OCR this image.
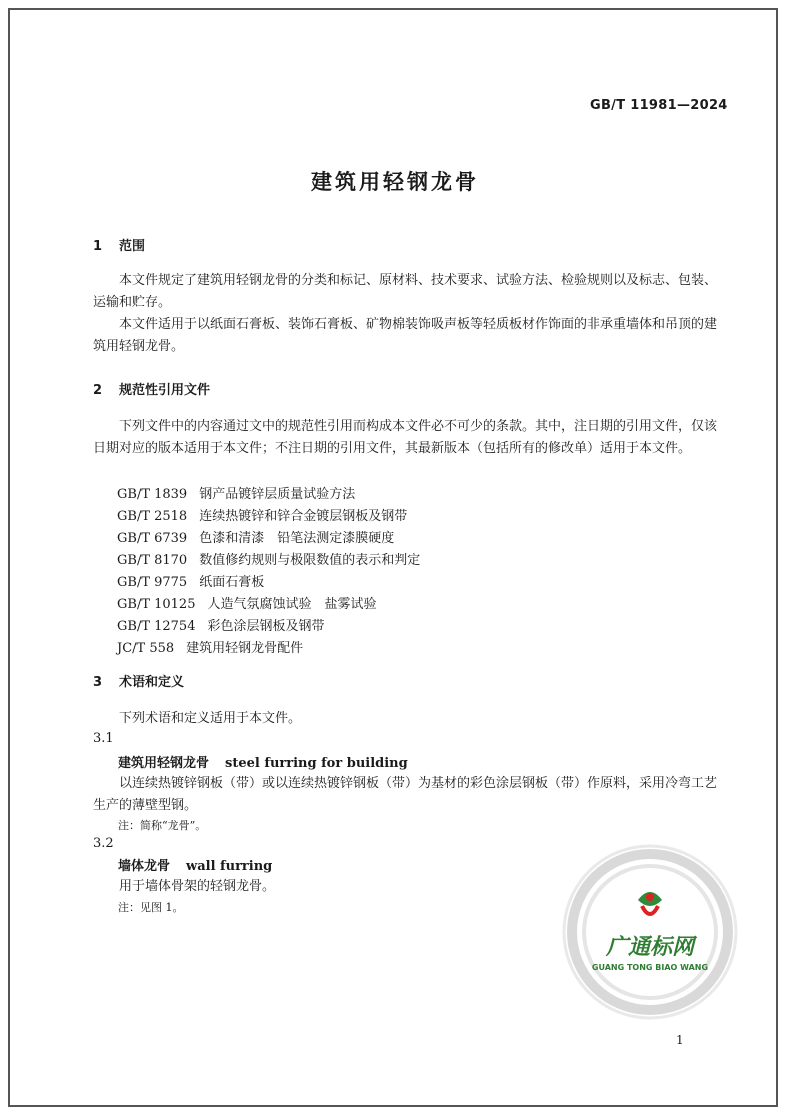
GB/T 11981—2024
建筑用轻钢龙骨
1 范围
本文件规定了建筑用轻钢龙骨的分类和标记、原材料、技术要求、试验方法、检验规则以及标志、包装、运输和贮存。
本文件适用于以纸面石膏板、装饰石膏板、矿物棉装饰吸声板等轻质板材作饰面的非承重墙体和吊顶的建筑用轻钢龙骨。
2 规范性引用文件
下列文件中的内容通过文中的规范性引用而构成本文件必不可少的条款。其中，注日期的引用文件，仅该日期对应的版本适用于本文件；不注日期的引用文件，其最新版本（包括所有的修改单）适用于本文件。
GB/T 1839 钢产品镀锌层质量试验方法
GB/T 2518 连续热镀锌和锌合金镀层钢板及钢带
GB/T 6739 色漆和清漆　铅笔法测定漆膜硬度
GB/T 8170 数值修约规则与极限数值的表示和判定
GB/T 9775 纸面石膏板
GB/T 10125 人造气氛腐蚀试验　盐雾试验
GB/T 12754 彩色涂层钢板及钢带
JC/T 558 建筑用轻钢龙骨配件
3 术语和定义
下列术语和定义适用于本文件。
3.1
建筑用轻钢龙骨 steel furring for building
以连续热镀锌钢板（带）或以连续热镀锌钢板（带）为基材的彩色涂层钢板（带）作原料，采用冷弯工艺生产的薄壁型钢。
注：简称“龙骨”。
3.2
墙体龙骨 wall furring
用于墙体骨架的轻钢龙骨。
注：见图 1。
广通标网
GUANG TONG BIAO WANG
1
